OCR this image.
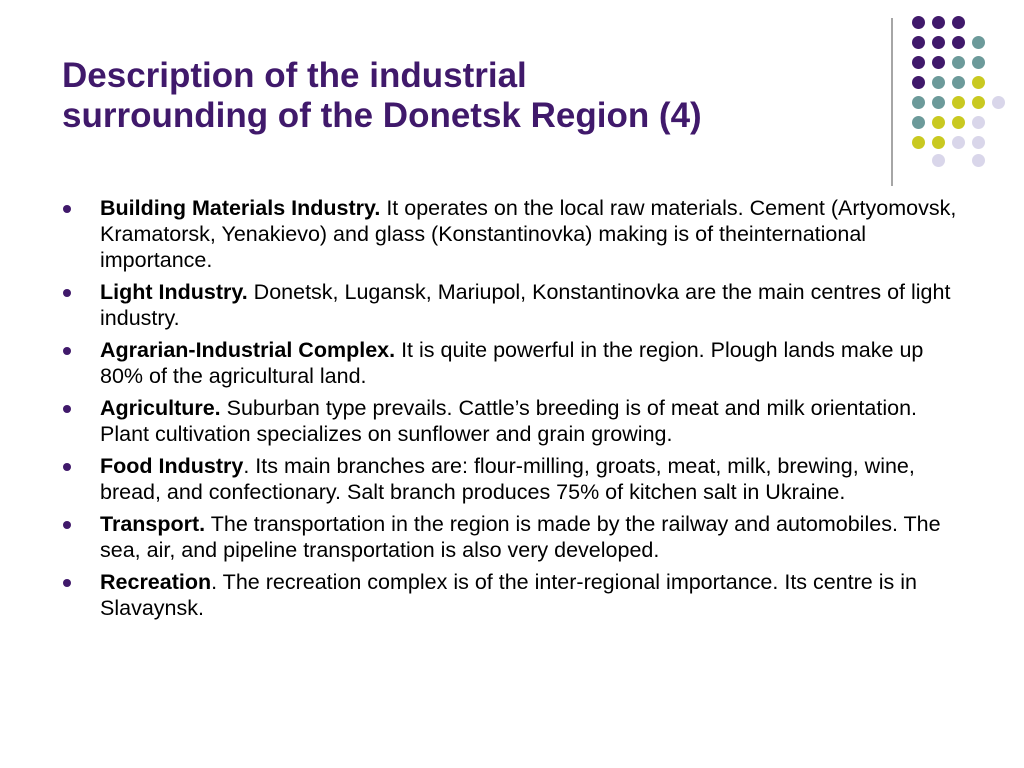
Description of the industrial
surrounding of the Donetsk Region (4)
Building Materials Industry. It operates on the local raw materials. Cement (Artyomovsk, Kramatorsk, Yenakievo) and glass (Konstantinovka) making is of theinternational importance.
Light Industry. Donetsk, Lugansk, Mariupol, Konstantinovka are the main centres of light industry.
Agrarian-Industrial Complex. It is quite powerful in the region. Plough lands make up 80% of the agricultural land.
Agriculture. Suburban type prevails. Cattle’s breeding is of meat and milk orientation. Plant cultivation specializes on sunflower and grain growing.
Food Industry. Its main branches are: flour-milling, groats, meat, milk, brewing, wine, bread, and confectionary. Salt branch produces 75% of kitchen salt in Ukraine.
Transport. The transportation in the region is made by the railway and automobiles. The sea, air, and pipeline transportation is also very developed.
Recreation. The recreation complex is of the inter-regional importance. Its centre is in Slavaynsk.
